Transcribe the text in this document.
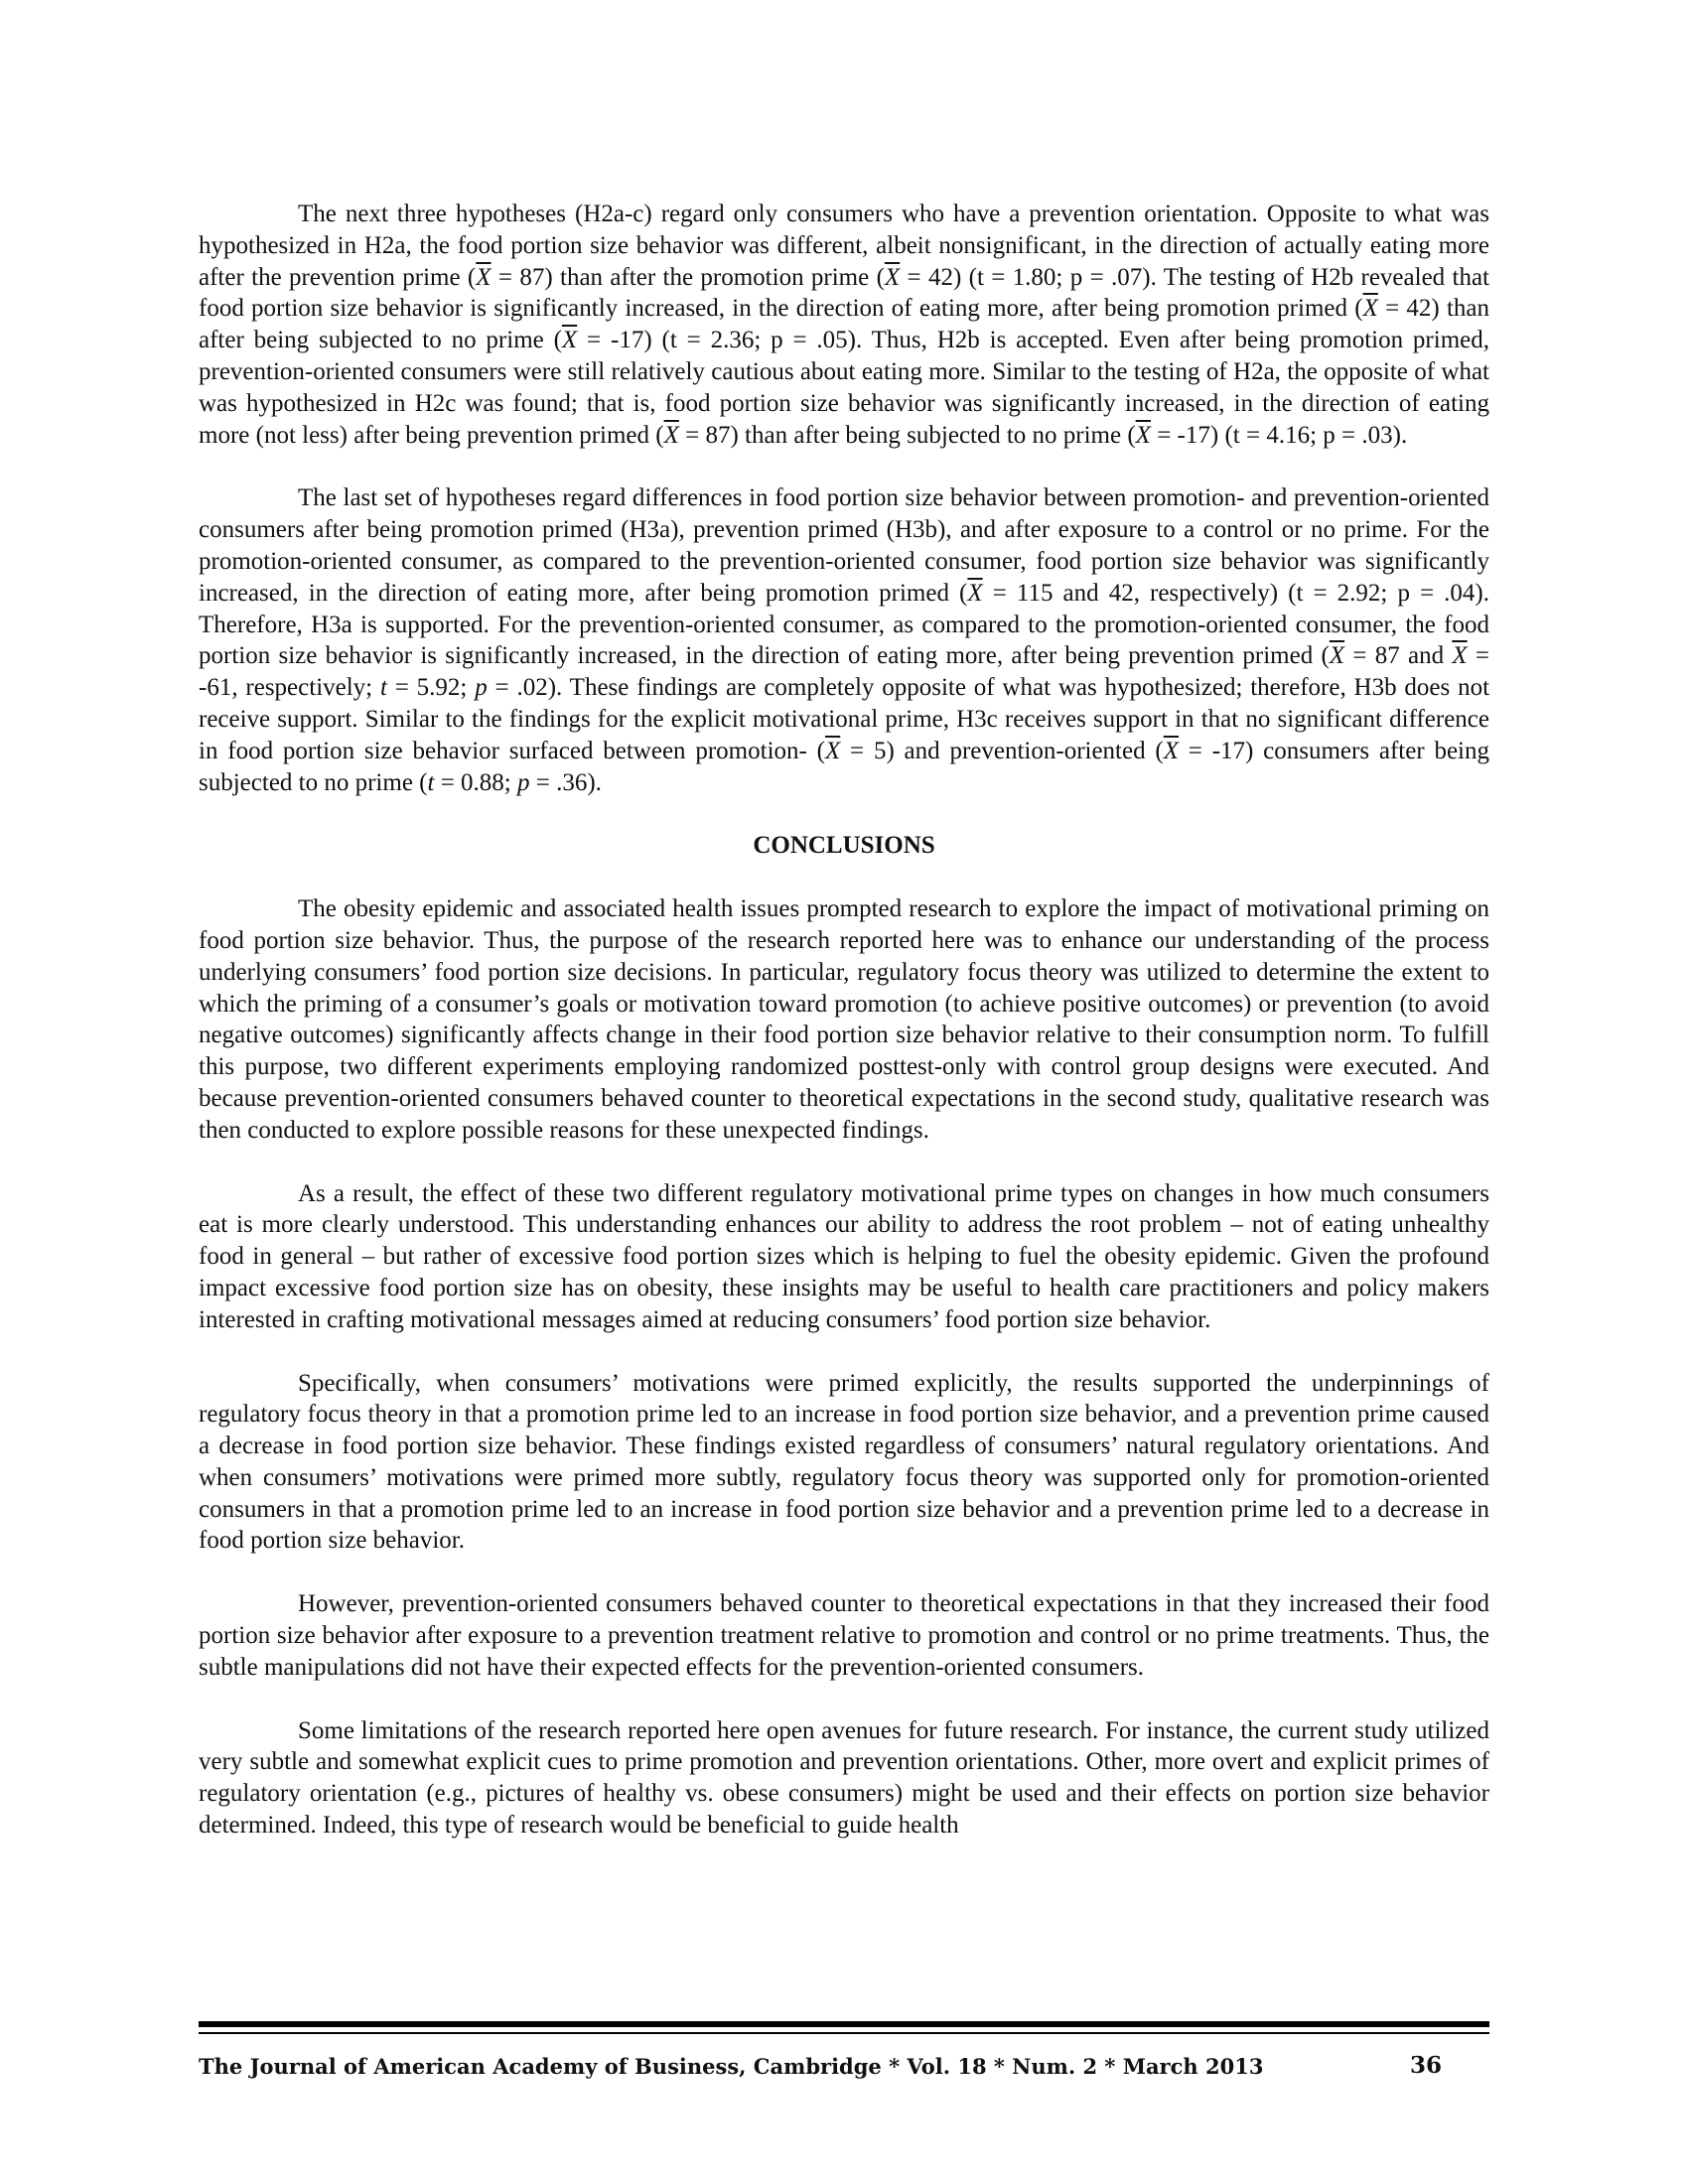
The next three hypotheses (H2a-c) regard only consumers who have a prevention orientation. Opposite to what was hypothesized in H2a, the food portion size behavior was different, albeit nonsignificant, in the direction of actually eating more after the prevention prime $(\overline{X} = 87)$ than after the promotion prime $(\overline{X} = 42) (t = 1.80$; p = .07). The testing of H2b revealed that food portion size behavior is significantly increased, in the direction of eating more, after being promotion primed $(\overline{X} = 42)$ than after being subjected to no prime $(\overline{X} = -17) (t = 2.36$; p = .05). Thus, H2b is accepted. Even after being promotion primed, prevention-oriented consumers were still relatively cautious about eating more. Similar to the testing of H2a, the opposite of what was hypothesized in H2c was found; that is, food portion size behavior was significantly increased, in the direction of eating more (not less) after being prevention primed $(\overline{X} = 87)$ than after being subjected to no prime $(\overline{X} = -17) (t = 4.16$; p = .03).

The last set of hypotheses regard differences in food portion size behavior between promotion- and prevention-oriented consumers after being promotion primed (H3a), prevention primed (H3b), and after exposure to a control or no prime. For the promotion-oriented consumer, as compared to the prevention-oriented consumer, food portion size behavior was significantly increased, in the direction of eating more, after being promotion primed ($\overline{X} = 115$ and 42, respectively) (t = 2.92; p = .04). Therefore, H3a is supported. For the prevention-oriented consumer, as compared to the promotion-oriented consumer, the food portion size behavior is significantly increased, in the direction of eating more, after being prevention primed ($\overline{X} = 87$ and $\overline{X} = -61$, respectively; t = 5.92; p = .02). These findings are completely opposite of what was hypothesized; therefore, H3b does not receive support. Similar to the findings for the explicit motivational prime, H3c receives support in that no significant difference in food portion size behavior surfaced between promotion- $(\overline{X} = 5)$ and prevention-oriented $(\overline{X} = -17)$ consumers after being subjected to no prime (t = 0.88; p = .36).

CONCLUSIONS

The obesity epidemic and associated health issues prompted research to explore the impact of motivational priming on food portion size behavior. Thus, the purpose of the research reported here was to enhance our understanding of the process underlying consumers’ food portion size decisions. In particular, regulatory focus theory was utilized to determine the extent to which the priming of a consumer’s goals or motivation toward promotion (to achieve positive outcomes) or prevention (to avoid negative outcomes) significantly affects change in their food portion size behavior relative to their consumption norm. To fulfill this purpose, two different experiments employing randomized posttest-only with control group designs were executed. And because prevention-oriented consumers behaved counter to theoretical expectations in the second study, qualitative research was then conducted to explore possible reasons for these unexpected findings.

As a result, the effect of these two different regulatory motivational prime types on changes in how much consumers eat is more clearly understood. This understanding enhances our ability to address the root problem – not of eating unhealthy food in general – but rather of excessive food portion sizes which is helping to fuel the obesity epidemic. Given the profound impact excessive food portion size has on obesity, these insights may be useful to health care practitioners and policy makers interested in crafting motivational messages aimed at reducing consumers’ food portion size behavior.

Specifically, when consumers’ motivations were primed explicitly, the results supported the underpinnings of regulatory focus theory in that a promotion prime led to an increase in food portion size behavior, and a prevention prime caused a decrease in food portion size behavior. These findings existed regardless of consumers’ natural regulatory orientations. And when consumers’ motivations were primed more subtly, regulatory focus theory was supported only for promotion-oriented consumers in that a promotion prime led to an increase in food portion size behavior and a prevention prime led to a decrease in food portion size behavior.

However, prevention-oriented consumers behaved counter to theoretical expectations in that they increased their food portion size behavior after exposure to a prevention treatment relative to promotion and control or no prime treatments. Thus, the subtle manipulations did not have their expected effects for the prevention-oriented consumers.

Some limitations of the research reported here open avenues for future research. For instance, the current study utilized very subtle and somewhat explicit cues to prime promotion and prevention orientations. Other, more overt and explicit primes of regulatory orientation (e.g., pictures of healthy vs. obese consumers) might be used and their effects on portion size behavior determined. Indeed, this type of research would be beneficial to guide health

The Journal of American Academy of Business, Cambridge * Vol. 18 * Num. 2 * March 2013	36
